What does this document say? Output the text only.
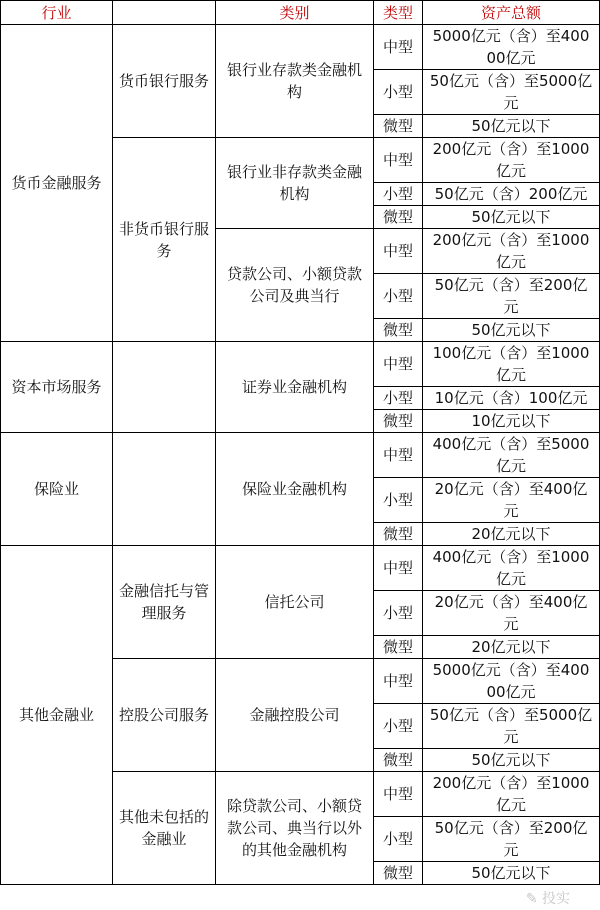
行业		类别	类型	资产总额
货币金融服务	货币银行服务	银行业存款类金融机构	中型	5000亿元（含）至40000亿元
			小型	50亿元（含）至5000亿元
			微型	50亿元以下
	非货币银行服务	银行业非存款类金融机构	中型	200亿元（含）至1000亿元
			小型	50亿元（含）200亿元
			微型	50亿元以下
		贷款公司、小额贷款公司及典当行	中型	200亿元（含）至1000亿元
			小型	50亿元（含）至200亿元
			微型	50亿元以下

资本市场服务		证券业金融机构	中型	100亿元（含）至1000亿元
			小型	10亿元（含）100亿元
			微型	10亿元以下
保险业		保险业金融机构	中型	400亿元（含）至5000亿元
			小型	20亿元（含）至400亿元
			微型	20亿元以下
其他金融业	金融信托与管理服务	信托公司	中型	400亿元（含）至1000亿元
			小型	20亿元（含）至400亿元
			微型	20亿元以下
	控股公司服务	金融控股公司	中型	5000亿元（含）至40000亿元
			小型	50亿元（含）至5000亿元
			微型	50亿元以下
	其他未包括的金融业	除贷款公司、小额贷款公司、典当行以外的其他金融机构	中型	200亿元（含）至1000亿元
			小型	50亿元（含）至200亿元
			微型	50亿元以下
✎ 投实
